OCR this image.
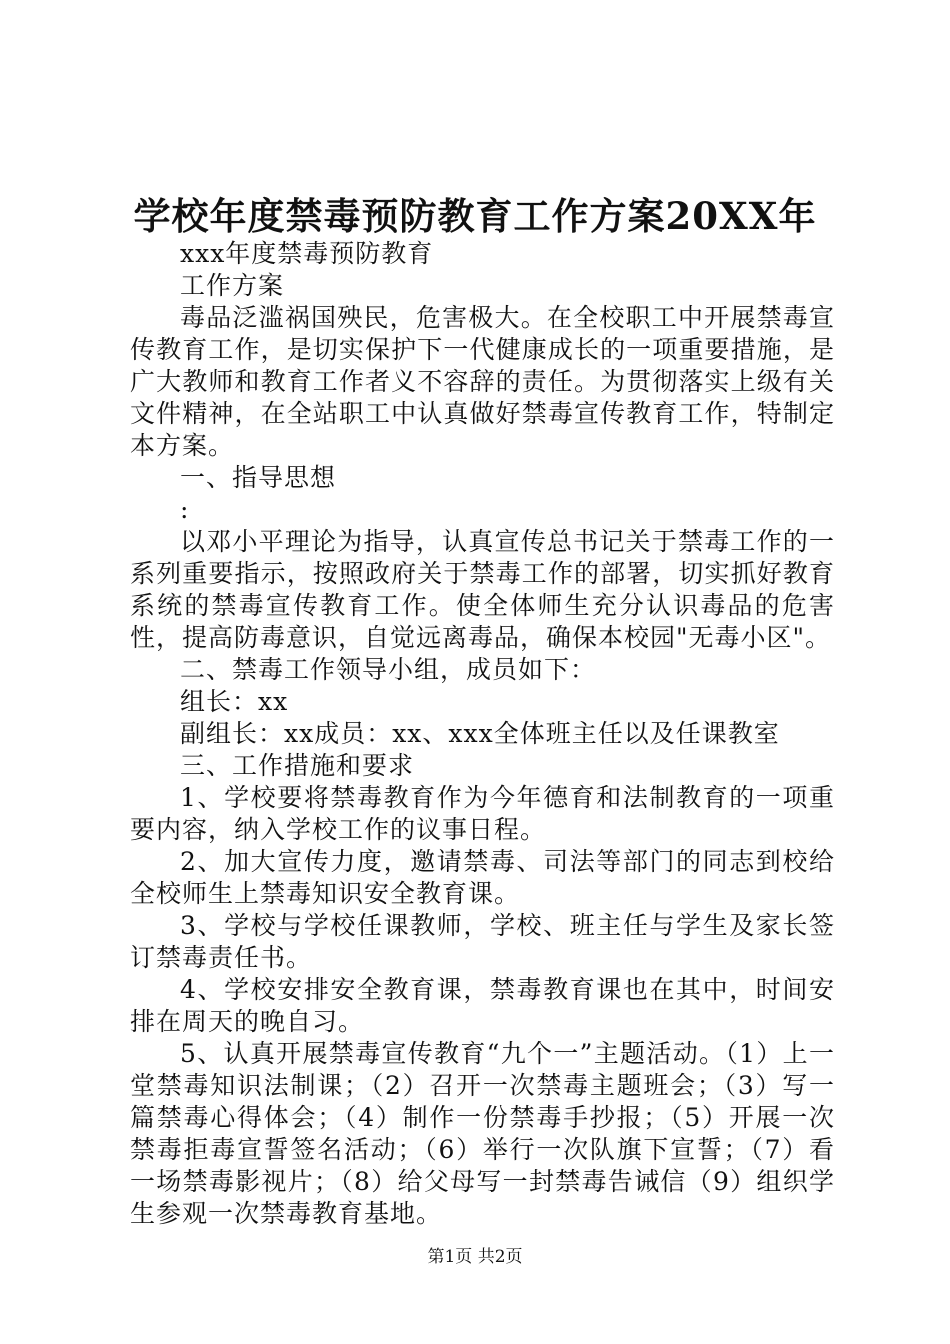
学校年度禁毒预防教育工作方案20XX年

xxx年度禁毒预防教育

工作方案

毒品泛滥祸国殃民，危害极大。在全校职工中开展禁毒宣传教育工作，是切实保护下一代健康成长的一项重要措施，是广大教师和教育工作者义不容辞的责任。为贯彻落实上级有关文件精神，在全站职工中认真做好禁毒宣传教育工作，特制定本方案。

一、指导思想

:

以邓小平理论为指导，认真宣传总书记关于禁毒工作的一系列重要指示，按照政府关于禁毒工作的部署，切实抓好教育系统的禁毒宣传教育工作。使全体师生充分认识毒品的危害性，提高防毒意识，自觉远离毒品，确保本校园"无毒小区"。

二、禁毒工作领导小组，成员如下：

组长：xx

副组长：xx成员：xx、xxx全体班主任以及任课教室

三、工作措施和要求

1、学校要将禁毒教育作为今年德育和法制教育的一项重要内容，纳入学校工作的议事日程。

2、加大宣传力度，邀请禁毒、司法等部门的同志到校给全校师生上禁毒知识安全教育课。

3、学校与学校任课教师，学校、班主任与学生及家长签订禁毒责任书。

4、学校安排安全教育课，禁毒教育课也在其中，时间安排在周天的晚自习。

5、认真开展禁毒宣传教育“九个一”主题活动。（1）上一堂禁毒知识法制课；（2）召开一次禁毒主题班会；（3）写一篇禁毒心得体会；（4）制作一份禁毒手抄报；（5）开展一次禁毒拒毒宣誓签名活动；（6）举行一次队旗下宣誓；（7）看一场禁毒影视片；（8）给父母写一封禁毒告诫信（9）组织学生参观一次禁毒教育基地。

第1页 共2页
